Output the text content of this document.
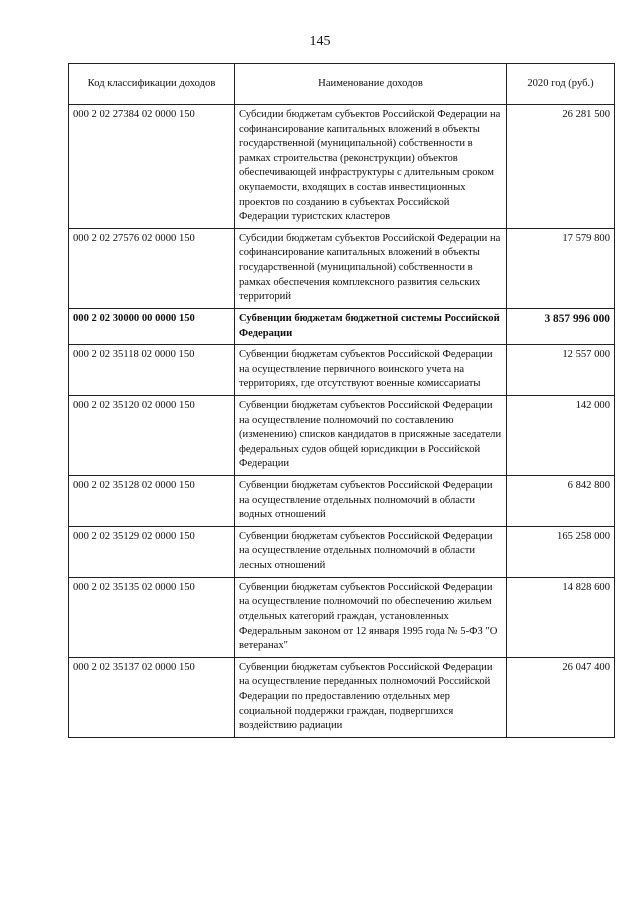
145
Код классификации доходов	Наименование доходов	2020 год (руб.)
000 2 02 27384 02 0000 150	Субсидии бюджетам субъектов Российской Федерации на софинансирование капитальных вложений в объекты государственной (муниципальной) собственности в рамках строительства (реконструкции) объектов обеспечивающей инфраструктуры с длительным сроком окупаемости, входящих в состав инвестиционных проектов по созданию в субъектах Российской Федерации туристских кластеров	26 281 500
000 2 02 27576 02 0000 150	Субсидии бюджетам субъектов Российской Федерации на софинансирование капитальных вложений в объекты государственной (муниципальной) собственности в рамках обеспечения комплексного развития сельских территорий	17 579 800
000 2 02 30000 00 0000 150	Субвенции бюджетам бюджетной системы Российской Федерации	3 857 996 000
000 2 02 35118 02 0000 150	Субвенции бюджетам субъектов Российской Федерации на осуществление первичного воинского учета на территориях, где отсутствуют военные комиссариаты	12 557 000
000 2 02 35120 02 0000 150	Субвенции бюджетам субъектов Российской Федерации на осуществление полномочий по составлению (изменению) списков кандидатов в присяжные заседатели федеральных судов общей юрисдикции в Российской Федерации	142 000
000 2 02 35128 02 0000 150	Субвенции бюджетам субъектов Российской Федерации на осуществление отдельных полномочий в области водных отношений	6 842 800
000 2 02 35129 02 0000 150	Субвенции бюджетам субъектов Российской Федерации на осуществление отдельных полномочий в области лесных отношений	165 258 000
000 2 02 35135 02 0000 150	Субвенции бюджетам субъектов Российской Федерации на осуществление полномочий по обеспечению жильем отдельных категорий граждан, установленных Федеральным законом от 12 января 1995 года № 5-ФЗ "О ветеранах"	14 828 600
000 2 02 35137 02 0000 150	Субвенции бюджетам субъектов Российской Федерации на осуществление переданных полномочий Российской Федерации по предоставлению отдельных мер социальной поддержки граждан, подвергшихся воздействию радиации	26 047 400
